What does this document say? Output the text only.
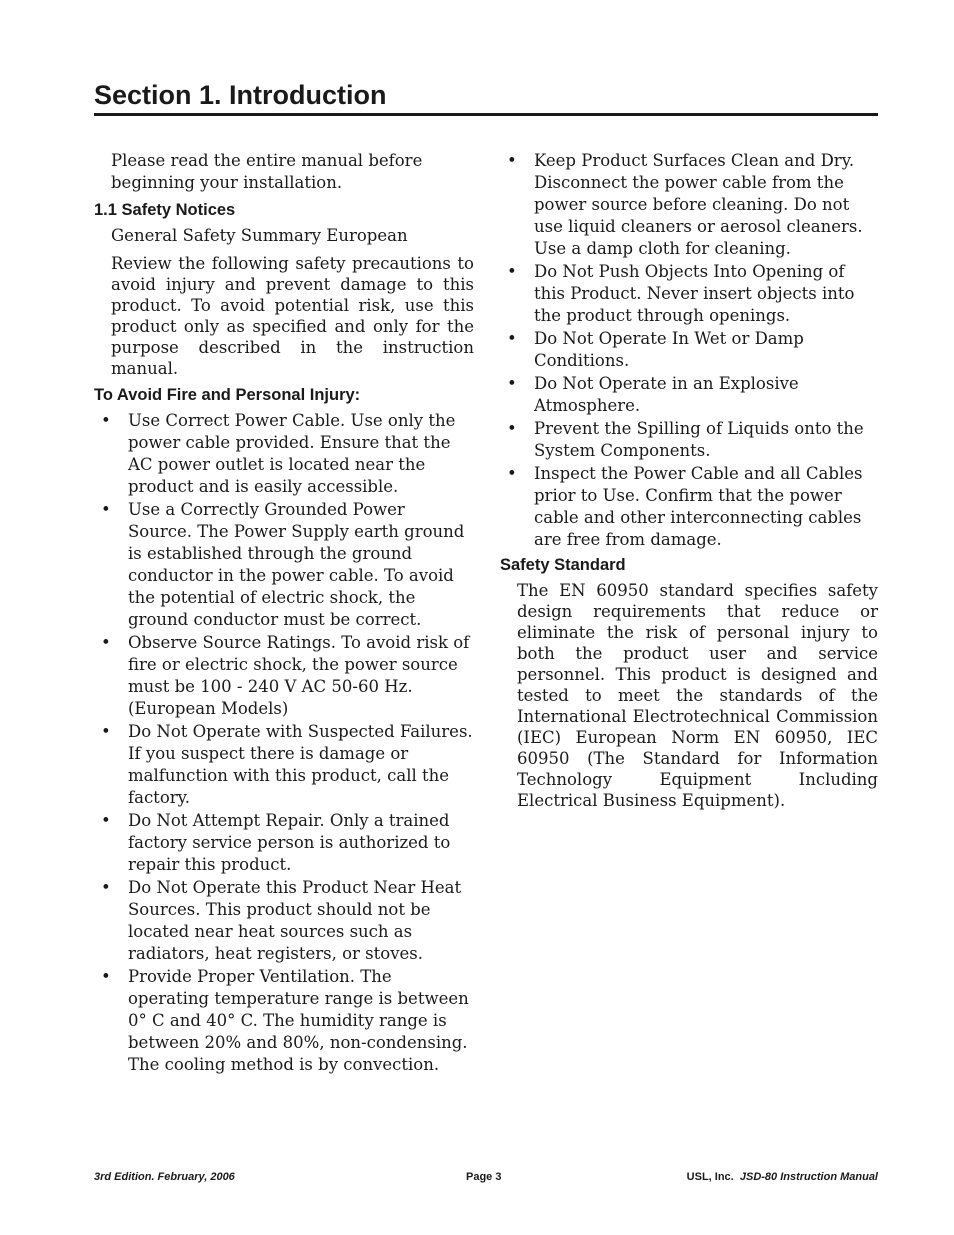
Section 1. Introduction

Please read the entire manual before beginning your installation.

1.1 Safety Notices

General Safety Summary European

Review the following safety precautions to avoid injury and prevent damage to this product. To avoid potential risk, use this product only as specified and only for the purpose described in the instruction manual.

To Avoid Fire and Personal Injury:
• Use Correct Power Cable. Use only the power cable provided. Ensure that the AC power outlet is located near the product and is easily accessible.
• Use a Correctly Grounded Power Source. The Power Supply earth ground is established through the ground conductor in the power cable. To avoid the potential of electric shock, the ground conductor must be correct.
• Observe Source Ratings. To avoid risk of fire or electric shock, the power source must be 100 - 240 V AC 50-60 Hz. (European Models)
• Do Not Operate with Suspected Failures. If you suspect there is damage or malfunction with this product, call the factory.
• Do Not Attempt Repair. Only a trained factory service person is authorized to repair this product.
• Do Not Operate this Product Near Heat Sources. This product should not be located near heat sources such as radiators, heat registers, or stoves.
• Provide Proper Ventilation. The operating temperature range is between 0° C and 40° C. The humidity range is between 20% and 80%, non-condensing. The cooling method is by convection.
• Keep Product Surfaces Clean and Dry. Disconnect the power cable from the power source before cleaning. Do not use liquid cleaners or aerosol cleaners. Use a damp cloth for cleaning.
• Do Not Push Objects Into Opening of this Product. Never insert objects into the product through openings.
• Do Not Operate In Wet or Damp Conditions.
• Do Not Operate in an Explosive Atmosphere.
• Prevent the Spilling of Liquids onto the System Components.
• Inspect the Power Cable and all Cables prior to Use. Confirm that the power cable and other interconnecting cables are free from damage.
Safety Standard

The EN 60950 standard specifies safety design requirements that reduce or eliminate the risk of personal injury to both the product user and service personnel. This product is designed and tested to meet the standards of the International Electrotechnical Commission (IEC) European Norm EN 60950, IEC 60950 (The Standard for Information Technology Equipment Including Electrical Business Equipment).

3rd Edition. February, 2006	Page 3	USL, Inc. JSD-80 Instruction Manual
